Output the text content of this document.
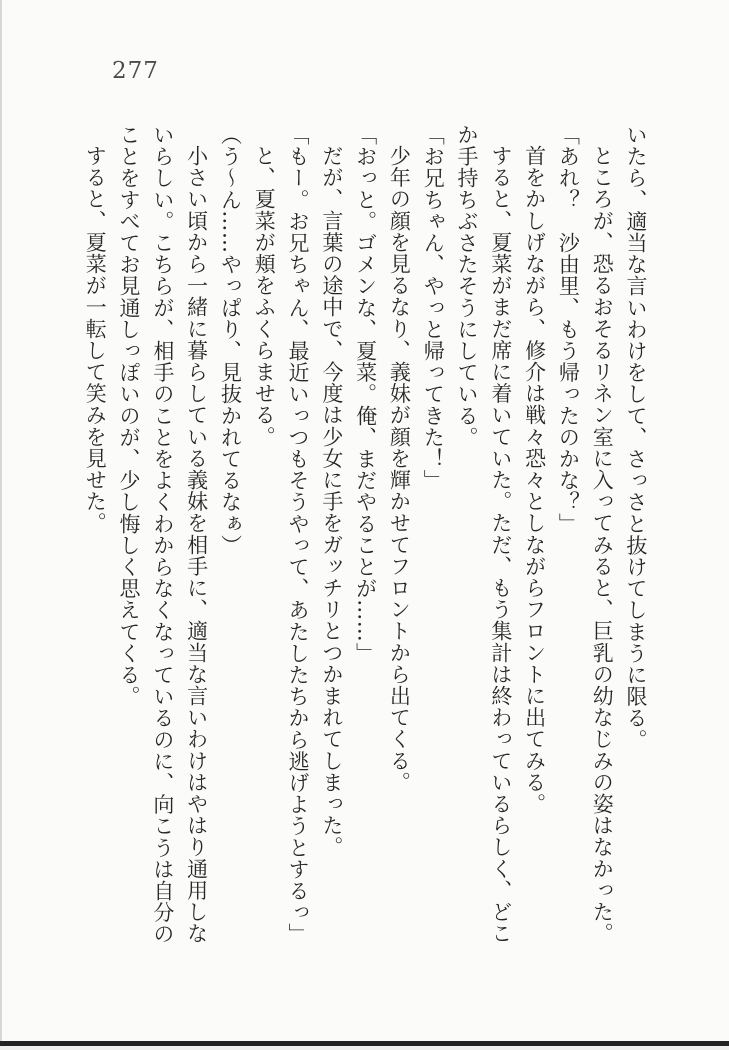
277

いたら、適当な言いわけをして、さっさと抜けてしまうに限る。

ところが、恐るおそるリネン室に入ってみると、巨乳の幼なじみの姿はなかった。

「あれ？　沙由里、もう帰ったのかな？」

首をかしげながら、修介は戦々恐々としながらフロントに出てみる。

すると、夏菜がまだ席に着いていた。ただ、もう集計は終わっているらしく、どこ

か手持ちぶさたそうにしている。

「お兄ちゃん、やっと帰ってきた！」

少年の顔を見るなり、義妹が顔を輝かせてフロントから出てくる。

「おっと。ゴメンな、夏菜。俺、まだやることが……」

だが、言葉の途中で、今度は少女に手をガッチリとつかまれてしまった。

「もー。お兄ちゃん、最近いっつもそうやって、あたしたちから逃げようとするっ」

と、夏菜が頬をふくらませる。

（う～ん……やっぱり、見抜かれてるなぁ）

小さい頃から一緒に暮らしている義妹を相手に、適当な言いわけはやはり通用しな

いらしい。こちらが、相手のことをよくわからなくなっているのに、向こうは自分の

ことをすべてお見通しっぽいのが、少し悔しく思えてくる。

すると、夏菜が一転して笑みを見せた。
